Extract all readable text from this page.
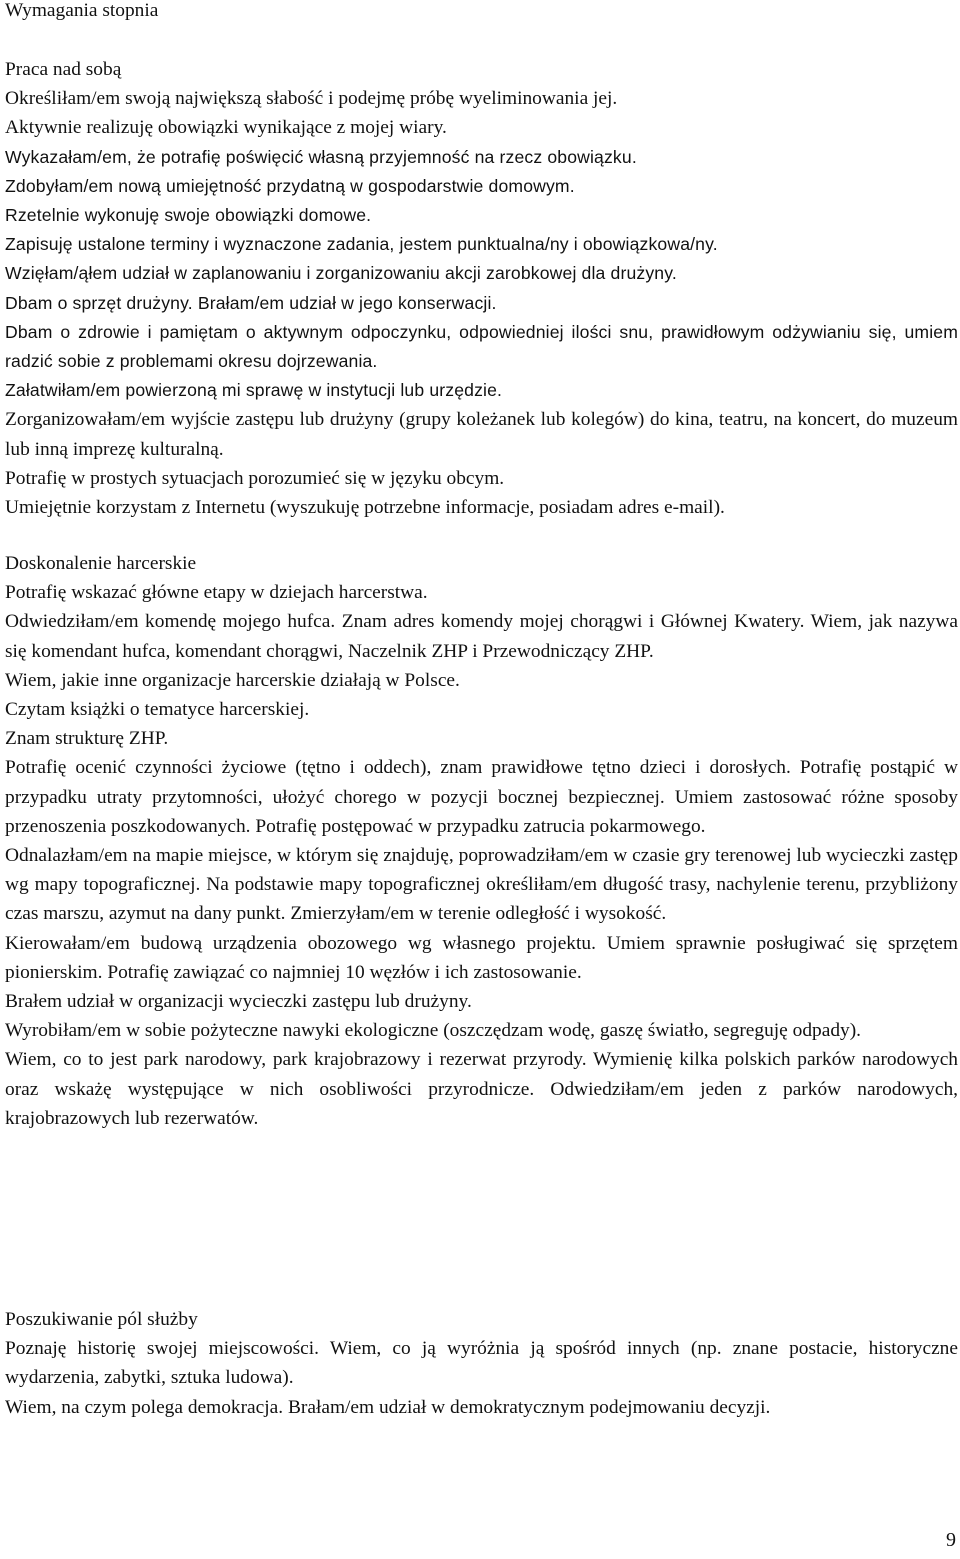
Wymagania stopnia
Praca nad sobą

Określiłam/em swoją największą słabość i podejmę próbę wyeliminowania jej.

Aktywnie realizuję obowiązki wynikające z mojej wiary.

Wykazałam/em, że potrafię poświęcić własną przyjemność na rzecz obowiązku.

Zdobyłam/em nową umiejętność przydatną w gospodarstwie domowym.

Rzetelnie wykonuję swoje obowiązki domowe.

Zapisuję ustalone terminy i wyznaczone zadania, jestem punktualna/ny i obowiązkowa/ny.

Wzięłam/ąłem udział w zaplanowaniu i zorganizowaniu akcji zarobkowej dla drużyny.

Dbam o sprzęt drużyny. Brałam/em udział w jego konserwacji.

Dbam o zdrowie i pamiętam o aktywnym odpoczynku, odpowiedniej ilości snu, prawidłowym odżywianiu się, umiem radzić sobie z problemami okresu dojrzewania.

Załatwiłam/em powierzoną mi sprawę w instytucji lub urzędzie.

Zorganizowałam/em wyjście zastępu lub drużyny (grupy koleżanek lub kolegów) do kina, teatru, na koncert, do muzeum lub inną imprezę kulturalną.

Potrafię w prostych sytuacjach porozumieć się w języku obcym.

Umiejętnie korzystam z Internetu (wyszukuję potrzebne informacje, posiadam adres e-mail).

Doskonalenie harcerskie

Potrafię wskazać główne etapy w dziejach harcerstwa.

Odwiedziłam/em komendę mojego hufca. Znam adres komendy mojej chorągwi i Głównej Kwatery. Wiem, jak nazywa się komendant hufca, komendant chorągwi, Naczelnik ZHP i Przewodniczący ZHP.

Wiem, jakie inne organizacje harcerskie działają w Polsce.

Czytam książki o tematyce harcerskiej.

Znam strukturę ZHP.

Potrafię ocenić czynności życiowe (tętno i oddech), znam prawidłowe tętno dzieci i dorosłych. Potrafię postąpić w przypadku utraty przytomności, ułożyć chorego w pozycji bocznej bezpiecznej. Umiem zastosować różne sposoby przenoszenia poszkodowanych. Potrafię postępować w przypadku zatrucia pokarmowego.

Odnalazłam/em na mapie miejsce, w którym się znajduję, poprowadziłam/em w czasie gry terenowej lub wycieczki zastęp wg mapy topograficznej. Na podstawie mapy topograficznej określiłam/em długość trasy, nachylenie terenu, przybliżony czas marszu, azymut na dany punkt. Zmierzyłam/em w terenie odległość i wysokość.

Kierowałam/em budową urządzenia obozowego wg własnego projektu. Umiem sprawnie posługiwać się sprzętem pionierskim. Potrafię zawiązać co najmniej 10 węzłów i ich zastosowanie.

Brałem udział w organizacji wycieczki zastępu lub drużyny.

Wyrobiłam/em w sobie pożyteczne nawyki ekologiczne (oszczędzam wodę, gaszę światło, segreguję odpady).

Wiem, co to jest park narodowy, park krajobrazowy i rezerwat przyrody. Wymienię kilka polskich parków narodowych oraz wskażę występujące w nich osobliwości przyrodnicze. Odwiedziłam/em jeden z parków narodowych, krajobrazowych lub rezerwatów.

Poszukiwanie pól służby

Poznaję historię swojej miejscowości. Wiem, co ją wyróżnia ją spośród innych (np. znane postacie, historyczne wydarzenia, zabytki, sztuka ludowa).

Wiem, na czym polega demokracja. Brałam/em udział w demokratycznym podejmowaniu decyzji.

9
